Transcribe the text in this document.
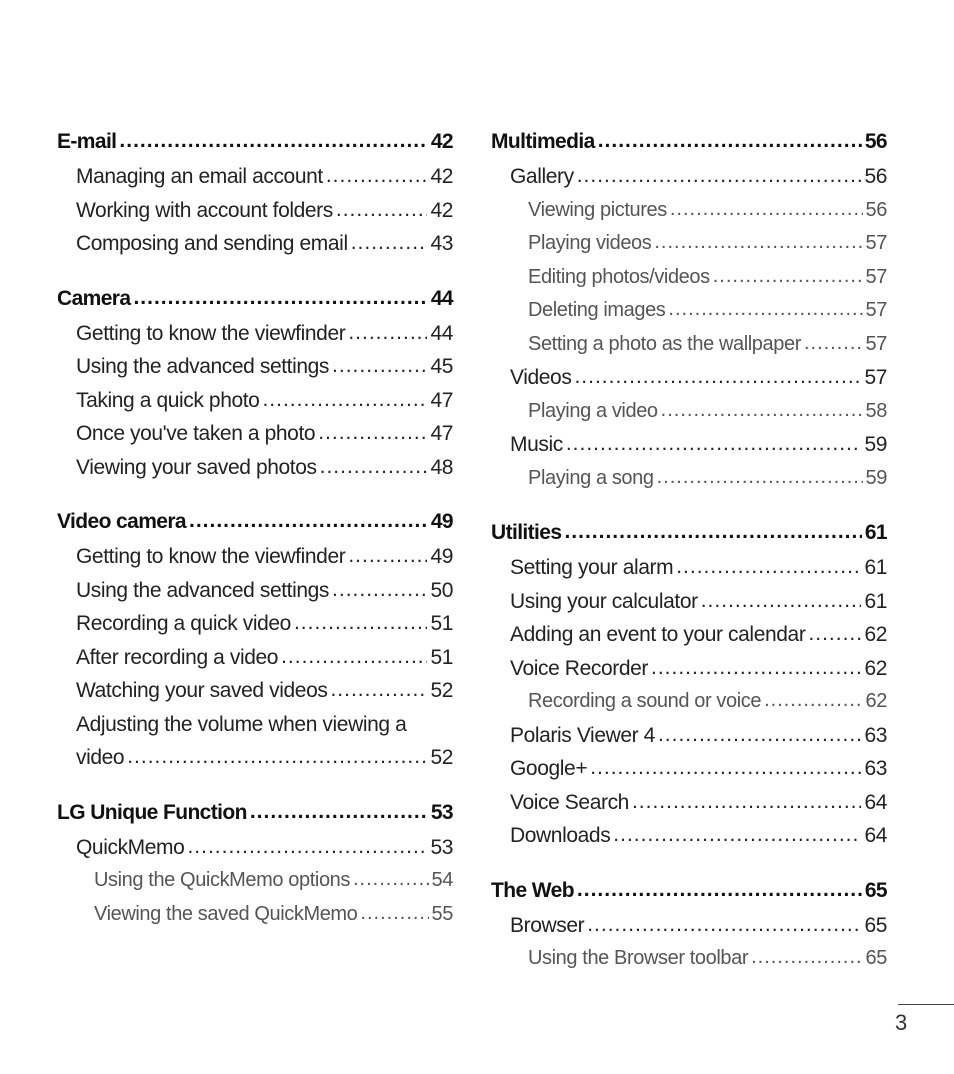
E-mail .....	42
Managing an email account .....	42
Working with account folders .....	42
Composing and sending email .....	43
Camera .....	44
Getting to know the viewfinder .....	44
Using the advanced settings .....	45
Taking a quick photo .....	47
Once you've taken a photo .....	47
Viewing your saved photos .....	48
Video camera .....	49
Getting to know the viewfinder .....	49
Using the advanced settings .....	50
Recording a quick video .....	51
After recording a video .....	51
Watching your saved videos .....	52
Adjusting the volume when viewing a
video .....	52
LG Unique Function .....	53
QuickMemo .....	53
Using the QuickMemo options .....	54
Viewing the saved QuickMemo .....	55
Multimedia .....	56
Gallery .....	56
Viewing pictures .....	56
Playing videos .....	57
Editing photos/videos .....	57
Deleting images .....	57
Setting a photo as the wallpaper .....	57
Videos .....	57
Playing a video .....	58
Music .....	59
Playing a song .....	59
Utilities .....	61
Setting your alarm .....	61
Using your calculator .....	61
Adding an event to your calendar .....	62
Voice Recorder .....	62
Recording a sound or voice .....	62
Polaris Viewer 4 .....	63
Google+ .....	63
Voice Search .....	64
Downloads .....	64
The Web .....	65
Browser .....	65
Using the Browser toolbar .....	65
3
